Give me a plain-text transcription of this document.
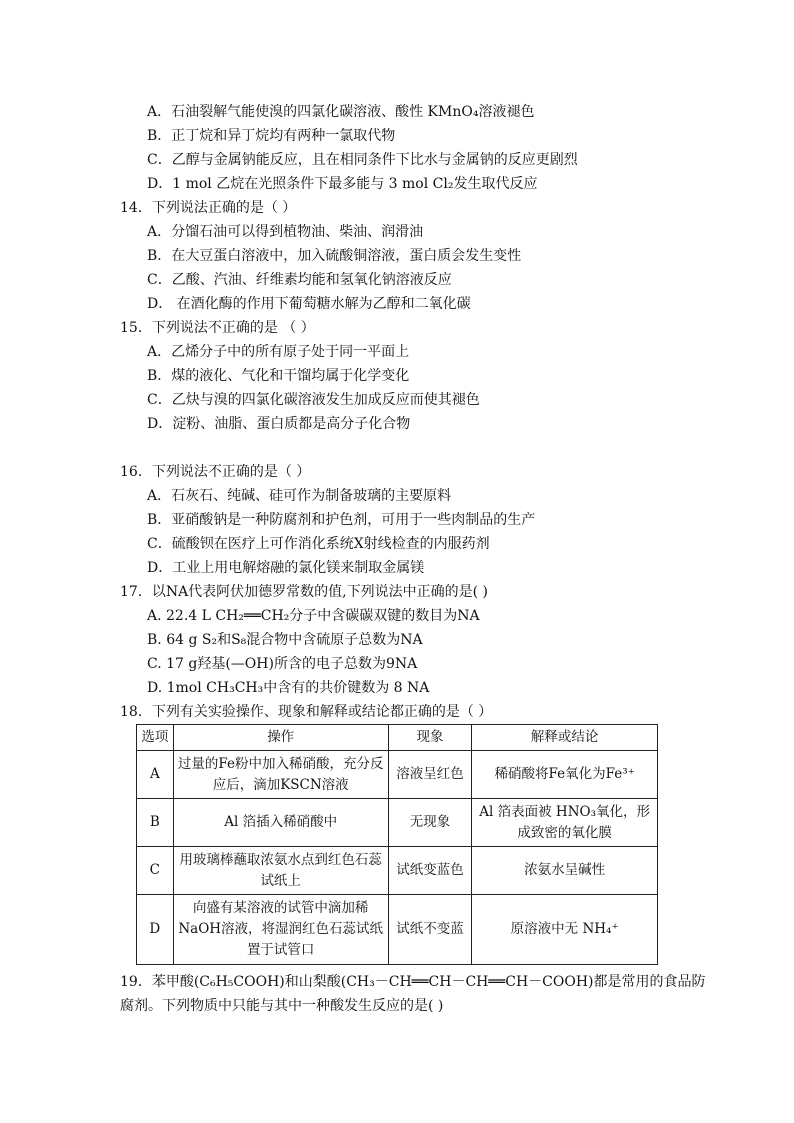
A．石油裂解气能使溴的四氯化碳溶液、酸性 KMnO₄溶液褪色
B．正丁烷和异丁烷均有两种一氯取代物
C．乙醇与金属钠能反应，且在相同条件下比水与金属钠的反应更剧烈
D．1 mol 乙烷在光照条件下最多能与 3 mol Cl₂发生取代反应
14．下列说法正确的是（ ）
A．分馏石油可以得到植物油、柴油、润滑油
B．在大豆蛋白溶液中，加入硫酸铜溶液，蛋白质会发生变性
C．乙酸、汽油、纤维素均能和氢氧化钠溶液反应
D． 在酒化酶的作用下葡萄糖水解为乙醇和二氧化碳
15．下列说法不正确的是 （ ）
A．乙烯分子中的所有原子处于同一平面上
B．煤的液化、气化和干馏均属于化学变化
C．乙炔与溴的四氯化碳溶液发生加成反应而使其褪色
D．淀粉、油脂、蛋白质都是高分子化合物
16．下列说法不正确的是（ ）
A．石灰石、纯碱、硅可作为制备玻璃的主要原料
B．亚硝酸钠是一种防腐剂和护色剂，可用于一些肉制品的生产
C．硫酸钡在医疗上可作消化系统X射线检查的内服药剂
D．工业上用电解熔融的氯化镁来制取金属镁
17．以NA代表阿伏加德罗常数的值,下列说法中正确的是( )
A. 22.4 L CH₂══CH₂分子中含碳碳双键的数目为NA
B. 64 g S₂和S₈混合物中含硫原子总数为NA
C. 17 g羟基(—OH)所含的电子总数为9NA
D. 1mol CH₃CH₃中含有的共价键数为 8 NA
18．下列有关实验操作、现象和解释或结论都正确的是（ ）
选项	操作	现象	解释或结论
A	过量的Fe粉中加入稀硝酸，充分反应后，滴加KSCN溶液	溶液呈红色	稀硝酸将Fe氧化为Fe³⁺
B	Al 箔插入稀硝酸中	无现象	Al 箔表面被 HNO₃氧化，形成致密的氧化膜
C	用玻璃棒蘸取浓氨水点到红色石蕊试纸上	试纸变蓝色	浓氨水呈碱性
D	向盛有某溶液的试管中滴加稀NaOH溶液，将湿润红色石蕊试纸置于试管口	试纸不变蓝	原溶液中无 NH₄⁺
19．苯甲酸(C₆H₅COOH)和山梨酸(CH₃－CH══CH－CH══CH－COOH)都是常用的食品防
腐剂。下列物质中只能与其中一种酸发生反应的是( )
